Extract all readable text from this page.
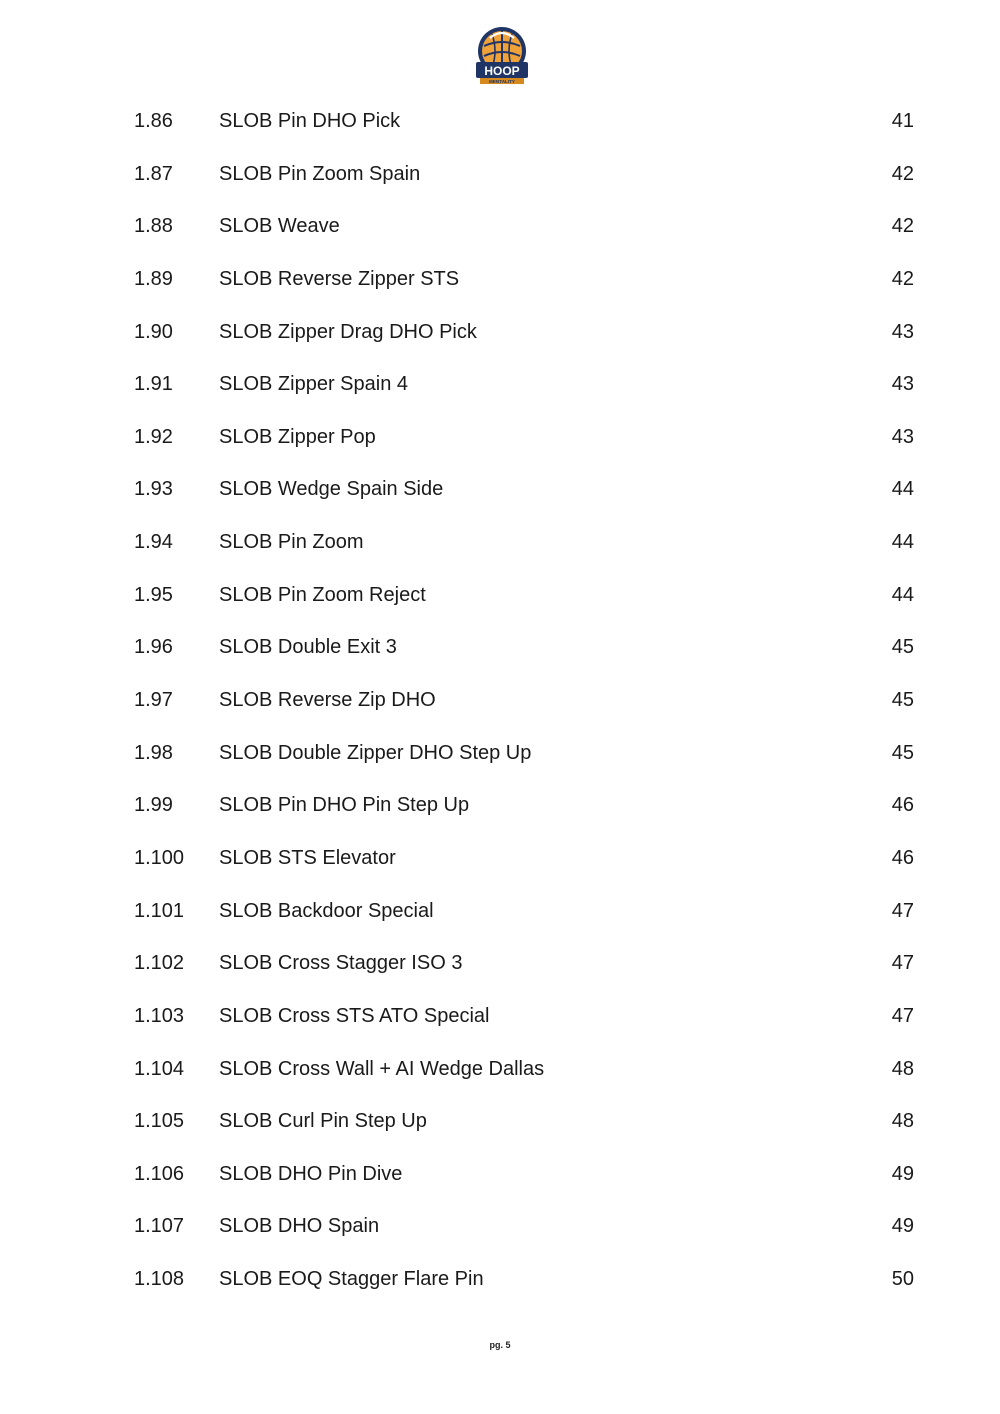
HOOP
MENTALITY
1.86 SLOB Pin DHO Pick	41
1.87 SLOB Pin Zoom Spain	42
1.88 SLOB Weave	42
1.89 SLOB Reverse Zipper STS	42
1.90 SLOB Zipper Drag DHO Pick	43
1.91 SLOB Zipper Spain 4	43
1.92 SLOB Zipper Pop	43
1.93 SLOB Wedge Spain Side	44
1.94 SLOB Pin Zoom	44
1.95 SLOB Pin Zoom Reject	44
1.96 SLOB Double Exit 3	45
1.97 SLOB Reverse Zip DHO	45
1.98 SLOB Double Zipper DHO Step Up	45
1.99 SLOB Pin DHO Pin Step Up	46
1.100 SLOB STS Elevator	46
1.101 SLOB Backdoor Special	47
1.102 SLOB Cross Stagger ISO 3	47
1.103 SLOB Cross STS ATO Special	47
1.104 SLOB Cross Wall + AI Wedge Dallas	48
1.105 SLOB Curl Pin Step Up	48
1.106 SLOB DHO Pin Dive	49
1.107 SLOB DHO Spain	49
1.108 SLOB EOQ Stagger Flare Pin	50
pg. 5
